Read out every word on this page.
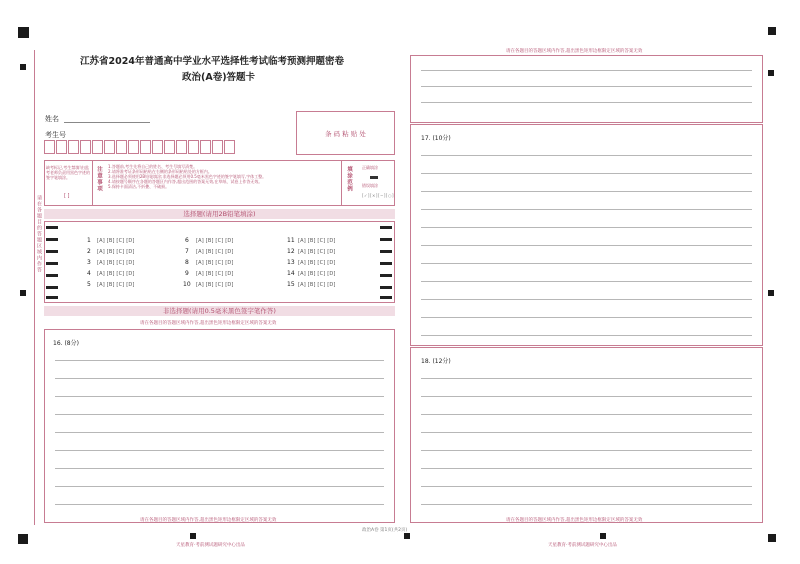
请在各题目的答题区域内作答
江苏省2024年普通高中学业水平选择性考试临考预测押题密卷
政治(A卷)答题卡
姓名
考生号	条 码 粘 贴 处
缺考标记,考生禁填!由监考老师负责用黑色字迹的签字笔填涂。
[ ]
注意事项 1.答题前,考生先将自己的姓名、考生号填写清楚。
2.请将准考证条形码粘贴在右侧的条形码粘贴处的方框内。
3.选择题必须使用2B铅笔填涂;非选择题必须用0.5毫米黑色字迹的签字笔填写,字体工整。
4.请按题号顺序在各题的答题区内作答,超出范围的答案无效,在草纸、试卷上作答无效。
5.保持卡面清洁,不折叠、不破损。	填涂范例	正确填涂
错误填涂
[✓][×][−][○]
选择题(请用2B铅笔填涂)
1 [A] [B] [C] [D]
2 [A] [B] [C] [D]
3 [A] [B] [C] [D]
4 [A] [B] [C] [D]
5 [A] [B] [C] [D]
6 [A] [B] [C] [D]
7 [A] [B] [C] [D]
8 [A] [B] [C] [D]
9 [A] [B] [C] [D]
10 [A] [B] [C] [D]
11 [A] [B] [C] [D]
12 [A] [B] [C] [D]
13 [A] [B] [C] [D]
14 [A] [B] [C] [D]
15 [A] [B] [C] [D]
非选择题(请用0.5毫米黑色签字笔作答)
请在各题目的答题区域内作答,超出黑色矩形边框限定区域的答案无效
16. (8分)
请在各题目的答题区域内作答,超出黑色矩形边框限定区域的答案无效
请在各题目的答题区域内作答,超出黑色矩形边框限定区域的答案无效
17. (10分)
18. (12分)
请在各题目的答题区域内作答,超出黑色矩形边框限定区域的答案无效
天星教育·考前测试题研究中心出品
政治A卷 第1页(共2页)
天星教育·考前测试题研究中心出品
